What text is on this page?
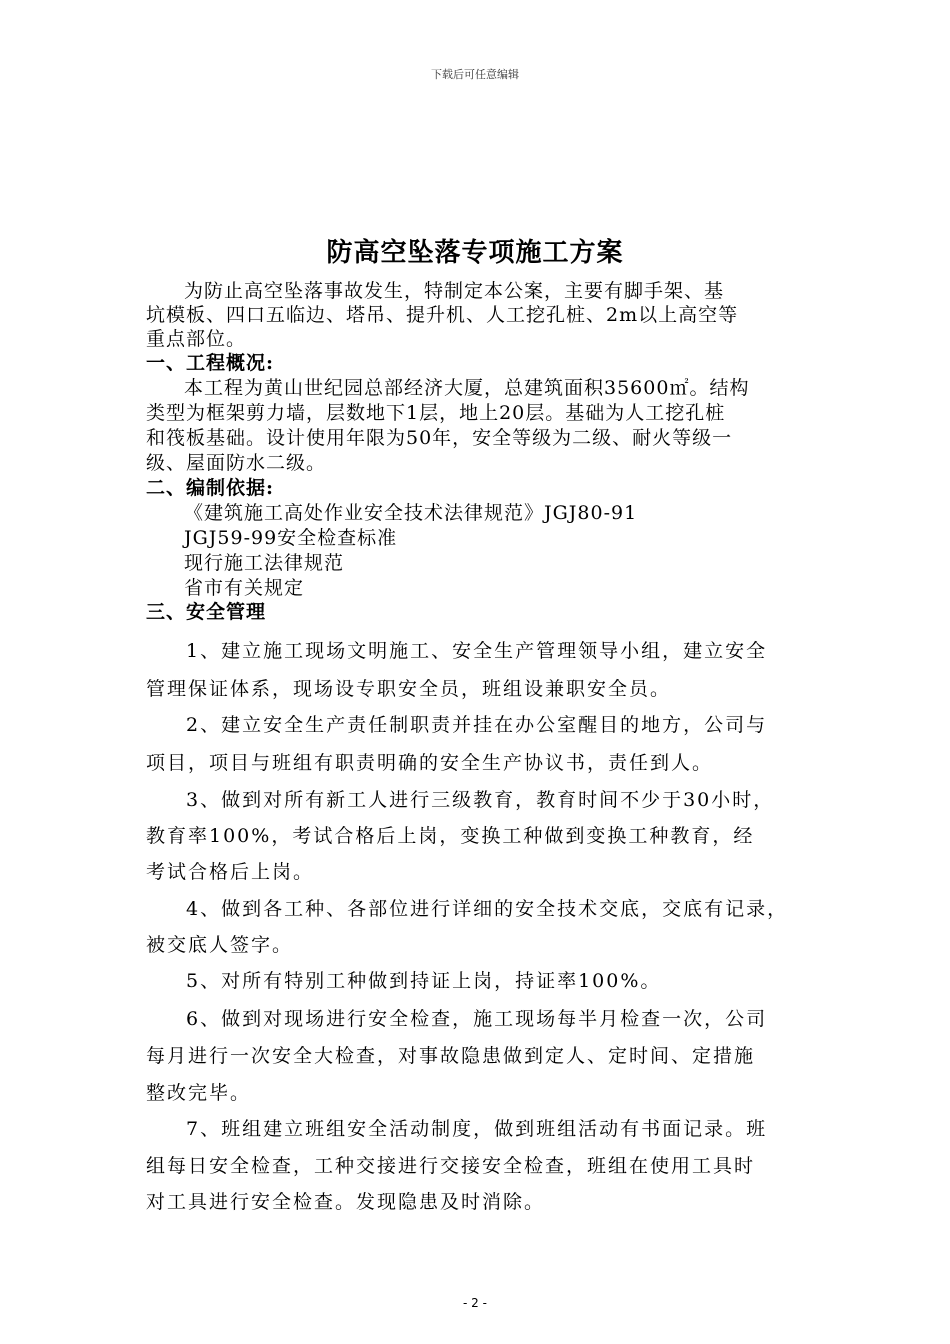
下载后可任意编辑
防高空坠落专项施工方案
为防止高空坠落事故发生，特制定本公案，主要有脚手架、基
坑模板、四口五临边、塔吊、提升机、人工挖孔桩、2m以上高空等
重点部位。
一、工程概况:
本工程为黄山世纪园总部经济大厦，总建筑面积35600㎡。结构
类型为框架剪力墙，层数地下1层，地上20层。基础为人工挖孔桩
和筏板基础。设计使用年限为50年，安全等级为二级、耐火等级一
级、屋面防水二级。
二、编制依据:
《建筑施工高处作业安全技术法律规范》JGJ80-91
JGJ59-99安全检查标准
现行施工法律规范
省市有关规定
三、安全管理
1、建立施工现场文明施工、安全生产管理领导小组，建立安全
管理保证体系，现场设专职安全员，班组设兼职安全员。
2、建立安全生产责任制职责并挂在办公室醒目的地方，公司与
项目，项目与班组有职责明确的安全生产协议书，责任到人。
3、做到对所有新工人进行三级教育，教育时间不少于30小时，
教育率100%，考试合格后上岗，变换工种做到变换工种教育，经
考试合格后上岗。
4、做到各工种、各部位进行详细的安全技术交底，交底有记录，
被交底人签字。
5、对所有特别工种做到持证上岗，持证率100%。
6、做到对现场进行安全检查，施工现场每半月检查一次，公司
每月进行一次安全大检查，对事故隐患做到定人、定时间、定措施
整改完毕。
7、班组建立班组安全活动制度，做到班组活动有书面记录。班
组每日安全检查，工种交接进行交接安全检查，班组在使用工具时
对工具进行安全检查。发现隐患及时消除。
- 2 -
